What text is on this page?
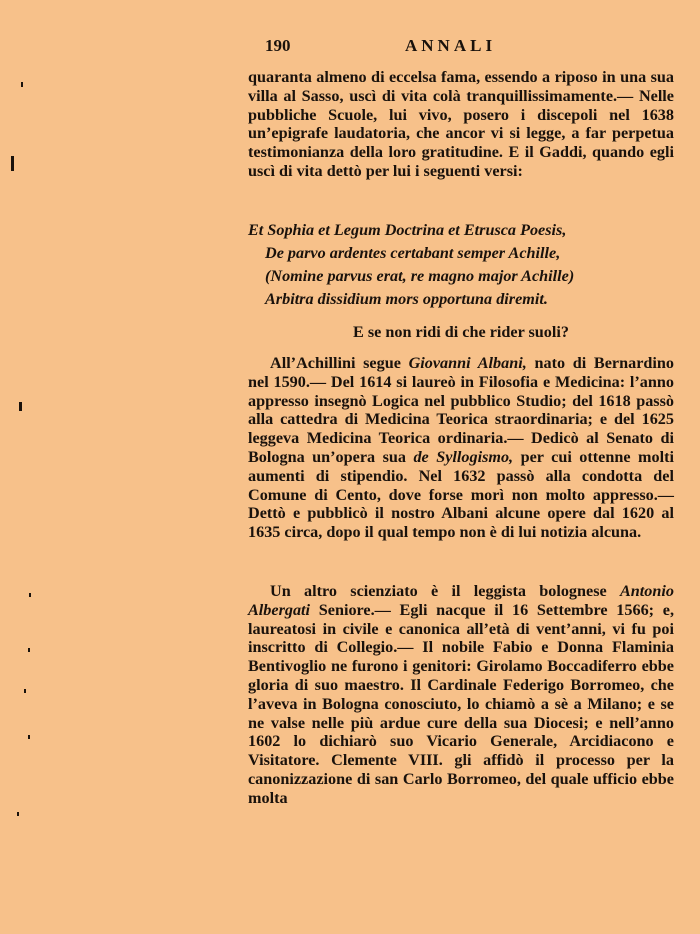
190	ANNALI

quaranta almeno di eccelsa fama, essendo a riposo in una sua villa al Sasso, uscì di vita colà tranquillissimamente.— Nelle pubbliche Scuole, lui vivo, posero i discepoli nel 1638 un’epigrafe laudatoria, che ancor vi si legge, a far perpetua testimonianza della loro gratitudine. E il Gaddi, quando egli uscì di vita dettò per lui i seguenti versi:

Et Sophia et Legum Doctrina et Etrusca Poesis,
De parvo ardentes certabant semper Achille,
(Nomine parvus erat, re magno major Achille)
Arbitra dissidium mors opportuna diremit.
E se non ridi di che rider suoli?

All’Achillini segue Giovanni Albani, nato di Bernardino nel 1590.— Del 1614 si laureò in Filosofia e Medicina: l’anno appresso insegnò Logica nel pubblico Studio; del 1618 passò alla cattedra di Medicina Teorica straordinaria; e del 1625 leggeva Medicina Teorica ordinaria.— Dedicò al Senato di Bologna un’opera sua de Syllogismo, per cui ottenne molti aumenti di stipendio. Nel 1632 passò alla condotta del Comune di Cento, dove forse morì non molto appresso.— Dettò e pubblicò il nostro Albani alcune opere dal 1620 al 1635 circa, dopo il qual tempo non è di lui notizia alcuna.

Un altro scienziato è il leggista bolognese Antonio Albergati Seniore.— Egli nacque il 16 Settembre 1566; e, laureatosi in civile e canonica all’età di vent’anni, vi fu poi inscritto di Collegio.— Il nobile Fabio e Donna Flaminia Bentivoglio ne furono i genitori: Girolamo Boccadiferro ebbe gloria di suo maestro. Il Cardinale Federigo Borromeo, che l’aveva in Bologna conosciuto, lo chiamò a sè a Milano; e se ne valse nelle più ardue cure della sua Diocesi; e nell’anno 1602 lo dichiarò suo Vicario Generale, Arcidiacono e Visitatore. Clemente VIII. gli affidò il processo per la canonizzazione di san Carlo Borromeo, del quale ufficio ebbe molta
